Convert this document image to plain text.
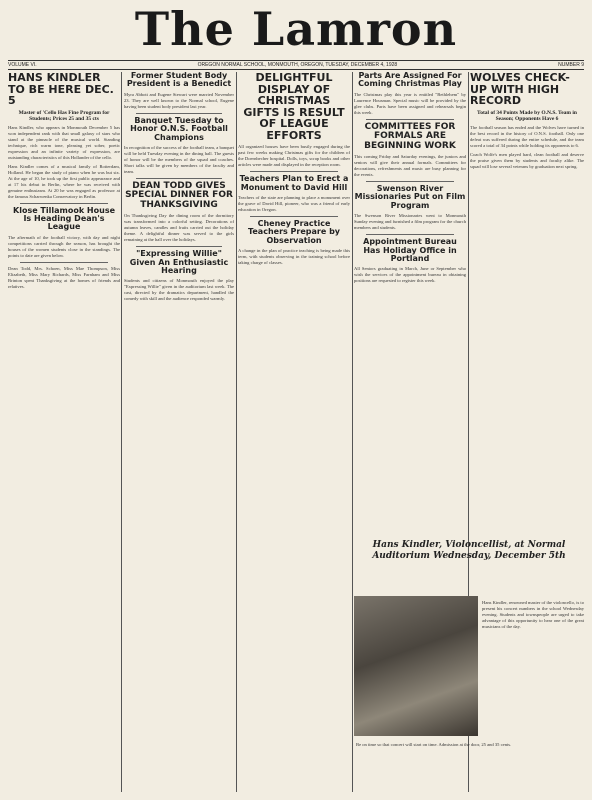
The Lamron
VOLUME VI.	OREGON NORMAL SCHOOL, MONMOUTH, OREGON, TUESDAY, DECEMBER 4, 1928	NUMBER 9
HANS KINDLER TO BE HERE DEC. 5
Master of 'Cello Has Fine Program for Students; Prices 25 and 35 cts

Hans Kindler, who appears in Monmouth December 5 has won independent rank with that small galaxy of stars who stand at the pinnacle of the musical world. Standing technique, rich warm tone, pleasing yet sober, poetic expression and an infinite variety of expression, are outstanding characteristics of this Hollander of the cello.

Hans Kindler comes of a musical family of Rotterdam, Holland. He began the study of piano when he was but six. At the age of 10, he took up the first public appearance and at 17 his debut in Berlin, where he was received with genuine enthusiasm. At 20 he was engaged as professor at the famous Scharwenka Conservatory in Berlin.

Klose Tillamook House Is Heading Dean's League

The aftermath of the football victory, with day and night competitions carried through the season, has brought the houses of the women students close in the standings. The points to date are given below.

Dean Todd, Mrs. Schoen, Miss Mae Thompson, Miss Elizabeth, Miss Mary Richards, Miss Farnham and Miss Brinton spent Thanksgiving at the homes of friends and relatives.

Former Student Body President is a Benedict

Myra Abbott and Eugene Stewart were married November 23. They are well known to the Normal school, Eugene having been student body president last year.

Banquet Tuesday to Honor O.N.S. Football Champions

In recognition of the success of the football team, a banquet will be held Tuesday evening in the dining hall. The guests of honor will be the members of the squad and coaches. Short talks will be given by members of the faculty and team.

DEAN TODD GIVES SPECIAL DINNER FOR THANKSGIVING

On Thanksgiving Day the dining room of the dormitory was transformed into a colorful setting. Decorations of autumn leaves, candles and fruits carried out the holiday theme. A delightful dinner was served to the girls remaining at the hall over the holidays.

"Expressing Willie" Given An Enthusiastic Hearing

Students and citizens of Monmouth enjoyed the play "Expressing Willie" given in the auditorium last week. The cast, directed by the dramatics department, handled the comedy with skill and the audience responded warmly.

DELIGHTFUL DISPLAY OF CHRISTMAS GIFTS IS RESULT OF LEAGUE EFFORTS

All organized houses have been busily engaged during the past few weeks making Christmas gifts for the children of the Doernbecher hospital. Dolls, toys, scrap books and other articles were made and displayed in the reception room.

Teachers Plan to Erect a Monument to David Hill

Teachers of the state are planning to place a monument over the grave of David Hill, pioneer, who was a friend of early education in Oregon.

Cheney Practice Teachers Prepare by Observation

A change in the plan of practice teaching is being made this term, with students observing in the training school before taking charge of classes.

Parts Are Assigned For Coming Christmas Play

The Christmas play this year is entitled "Bethlehem" by Laurence Housman. Special music will be provided by the glee clubs. Parts have been assigned and rehearsals begin this week.

COMMITTEES FOR FORMALS ARE BEGINNING WORK

This coming Friday and Saturday evenings, the juniors and seniors will give their annual formals. Committees for decorations, refreshments and music are busy planning for the events.

Swenson River Missionaries Put on Film Program

The Swenson River Missionaries went to Monmouth Sunday evening and furnished a film program for the church members and students.

Appointment Bureau Has Holiday Office in Portland

All Seniors graduating in March, June or September who wish the services of the appointment bureau in obtaining positions are requested to register this week.

WOLVES CHECK-UP WITH HIGH RECORD
Total of 34 Points Made by O.N.S. Team in Season; Opponents Have 6

The football season has ended and the Wolves have turned in the best record in the history of O.N.S. football. Only one defeat was suffered during the entire schedule, and the team scored a total of 34 points while holding its opponents to 6.

Coach Wolfe's men played hard, clean football and deserve the praise given them by students and faculty alike. The squad will lose several veterans by graduation next spring.

Hans Kindler, Violoncellist, at Normal Auditorium Wednesday, December 5th

Hans Kindler, renowned master of the violoncello, is to present his concert numbers in the school Wednesday evening. Students and townspeople are urged to take advantage of this opportunity to hear one of the great musicians of the day.

Be on time so that concert will start on time. Admission at the door, 25 and 35 cents.
